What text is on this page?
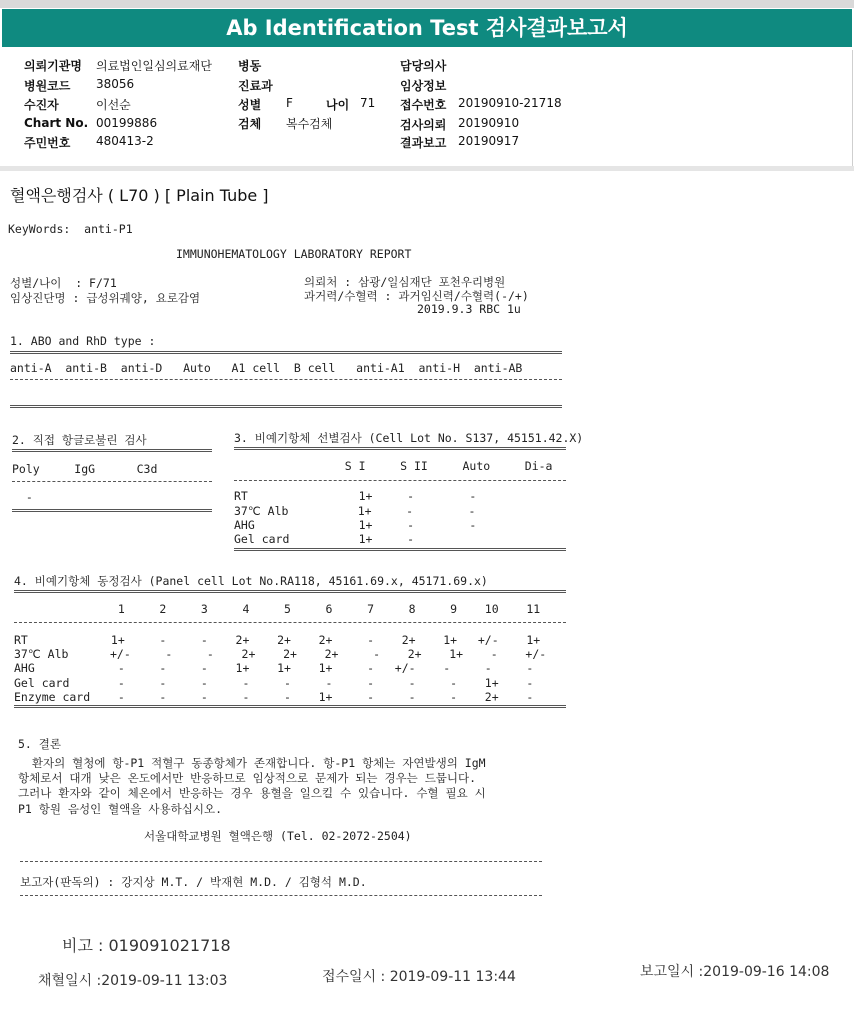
Ab Identification Test 검사결과보고서
의뢰기관명 의료법인일심의료재단
병원코드 38056
수진자	이선순
Chart No. 00199886
주민번호 480413-2
병동
진료과
성별 F	나이 71
검체 복수검체
담당의사
임상정보
접수번호 20190910-21718
검사의뢰 20190910
결과보고 20190917
혈액은행검사 ( L70 ) [ Plain Tube ]
KeyWords:  anti-P1
IMMUNOHEMATOLOGY LABORATORY REPORT
성별/나이  : F/71
임상진단명 : 급성위궤양, 요로감염
의뢰처 : 삼광/일심재단 포천우리병원
과거력/수혈력 : 과거임신력/수혈력(-/+)
2019.9.3 RBC 1u
1. ABO and RhD type :
anti-A  anti-B  anti-D   Auto   A1 cell  B cell   anti-A1  anti-H  anti-AB
2. 직접 항글로불린 검사
Poly     IgG      C3d
-
3. 비예기항체 선별검사 (Cell Lot No. S137, 45151.42.X)
S I     S II     Auto     Di-a
RT                1+     -        -
37℃ Alb          1+     -        -
AHG               1+     -        -
Gel card          1+     -
4. 비예기항체 동정검사 (Panel cell Lot No.RA118, 45161.69.x, 45171.69.x)
1     2     3     4     5     6     7     8     9    10    11
RT            1+     -     -    2+    2+    2+     -    2+    1+   +/-    1+
37℃ Alb      +/-     -     -    2+    2+    2+     -    2+    1+    -    +/-
AHG            -     -     -    1+    1+    1+     -   +/-    -     -     -
Gel card       -     -     -     -     -     -     -     -     -    1+    -
Enzyme card    -     -     -     -     -    1+     -     -     -    2+    -
5. 결론
환자의 혈청에 항-P1 적혈구 동종항체가 존재합니다. 항-P1 항체는 자연발생의 IgM
항체로서 대개 낮은 온도에서만 반응하므로 임상적으로 문제가 되는 경우는 드뭅니다.
그러나 환자와 같이 체온에서 반응하는 경우 용혈을 일으킬 수 있습니다. 수혈 필요 시
P1 항원 음성인 혈액을 사용하십시오.
서울대학교병원 혈액은행 (Tel. 02-2072-2504)
보고자(판독의) : 강지상 M.T. / 박재현 M.D. / 김형석 M.D.
비고 : 019091021718
채혈일시 :2019-09-11 13:03	접수일시 : 2019-09-11 13:44	보고일시 :2019-09-16 14:08
